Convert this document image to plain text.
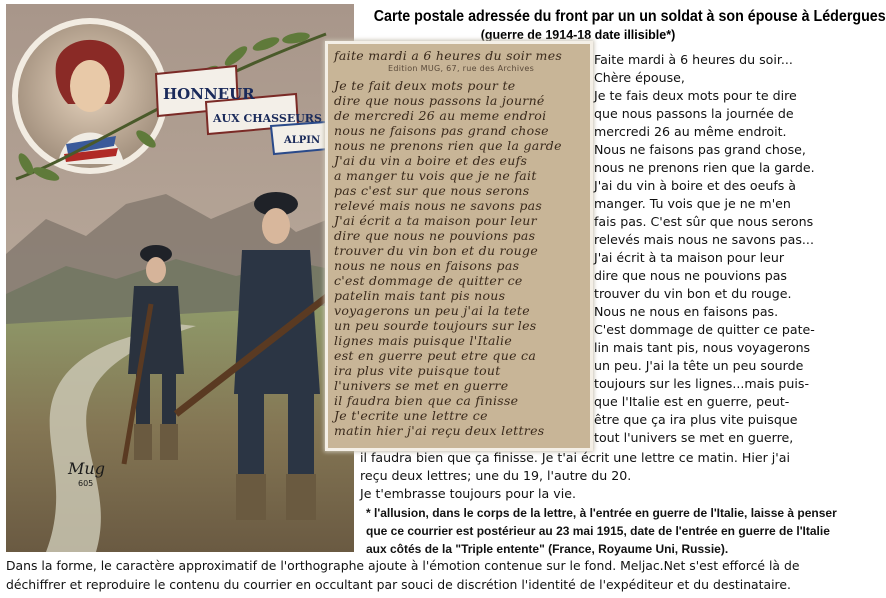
Carte postale adressée du front par un un soldat à son épouse à Lédergues
(guerre de 1914-18 date illisible*)
HONNEUR
AUX CHASSEURS
ALPIN
Mug
605
faite mardi a 6 heures du soir mes
Edition MUG, 67, rue des Archives
Je te fait deux mots pour te
dire que nous passons la journé
de mercredi 26 au meme endroi
nous ne faisons pas grand chose
nous ne prenons rien que la garde
J'ai du vin a boire et des eufs
a manger tu vois que je ne fait
pas c'est sur que nous serons
relevé mais nous ne savons pas
J'ai écrit a ta maison pour leur
dire que nous ne pouvions pas
trouver du vin bon et du rouge
nous ne nous en faisons pas
c'est dommage de quitter ce
patelin mais tant pis nous
voyagerons un peu j'ai la tete
un peu sourde toujours sur les
lignes mais puisque l'Italie
est en guerre peut etre que ca
ira plus vite puisque tout
l'univers se met en guerre
il faudra bien que ca finisse
Je t'ecrite une lettre ce
matin hier j'ai reçu deux lettres
Faite mardi à 6 heures du soir...
Chère épouse,
Je te fais deux mots pour te dire
que nous passons la journée de
mercredi 26 au même endroit.
Nous ne faisons pas grand chose,
nous ne prenons rien que la garde.
J'ai du vin à boire et des oeufs à
manger. Tu vois que je ne m'en
fais pas. C'est sûr que nous serons
relevés mais nous ne savons pas...
J'ai écrit à ta maison pour leur
dire que nous ne pouvions pas
trouver du vin bon et du rouge.
Nous ne nous en faisons pas.
C'est dommage de quitter ce pate-
lin mais tant pis, nous voyagerons
un peu. J'ai la tête un peu sourde
toujours sur les lignes...mais puis-
que l'Italie est en guerre, peut-
être que ça ira plus vite puisque
tout l'univers se met en guerre,
il faudra bien que ça finisse. Je t'ai écrit une lettre ce matin. Hier j'ai
reçu deux lettres; une du 19, l'autre du 20.
Je t'embrasse toujours pour la vie.
* l'allusion, dans le corps de la lettre, à l'entrée en guerre de l'Italie, laisse à penser
que ce courrier est postérieur au 23 mai 1915, date de l'entrée en guerre de l'Italie
aux côtés de la "Triple entente" (France, Royaume Uni, Russie).
Dans la forme, le caractère approximatif de l'orthographe ajoute à l'émotion contenue sur le fond. Meljac.Net s'est efforcé là de
déchiffrer et reproduire le contenu du courrier en occultant par souci de discrétion l'identité de l'expéditeur et du destinataire.
